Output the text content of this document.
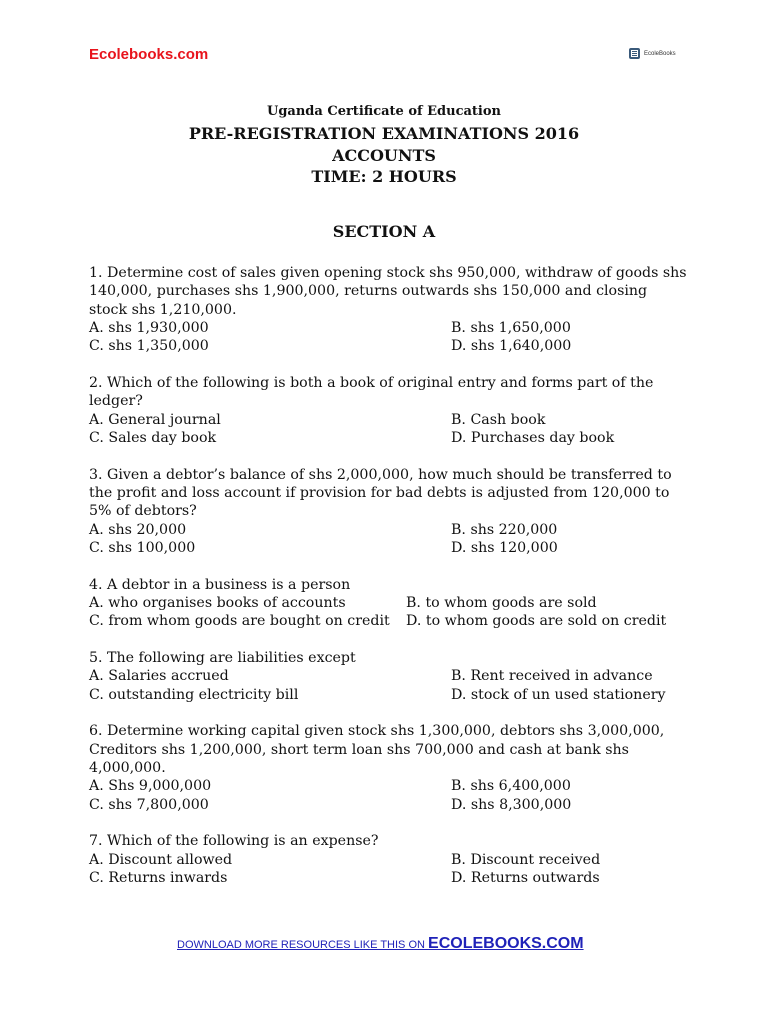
Ecolebooks.com	EcoleBooks
Uganda Certificate of Education
PRE-REGISTRATION EXAMINATIONS 2016
ACCOUNTS
TIME: 2 HOURS
SECTION A
1. Determine cost of sales given opening stock shs 950,000, withdraw of goods shs 140,000, purchases shs 1,900,000, returns outwards shs 150,000 and closing stock shs 1,210,000.
A. shs 1,930,000	B. shs 1,650,000
C. shs 1,350,000	D. shs 1,640,000
2. Which of the following is both a book of original entry and forms part of the ledger?
A. General journal	B. Cash book
C. Sales day book	D. Purchases day book
3. Given a debtor’s balance of shs 2,000,000, how much should be transferred to the profit and loss account if provision for bad debts is adjusted from 120,000 to 5% of debtors?
A. shs 20,000	B. shs 220,000
C. shs 100,000	D. shs 120,000
4. A debtor in a business is a person
A. who organises books of accounts	B. to whom goods are sold
C. from whom goods are bought on credit	D. to whom goods are sold on credit
5. The following are liabilities except
A. Salaries accrued	B. Rent received in advance
C. outstanding electricity bill	D. stock of un used stationery
6. Determine working capital given stock shs 1,300,000, debtors shs 3,000,000, Creditors shs 1,200,000, short term loan shs 700,000 and cash at bank shs 4,000,000.
A. Shs 9,000,000	B. shs 6,400,000
C. shs 7,800,000	D. shs 8,300,000
7. Which of the following is an expense?
A. Discount allowed	B. Discount received
C. Returns inwards	D. Returns outwards
DOWNLOAD MORE RESOURCES LIKE THIS ON ECOLEBOOKS.COM
